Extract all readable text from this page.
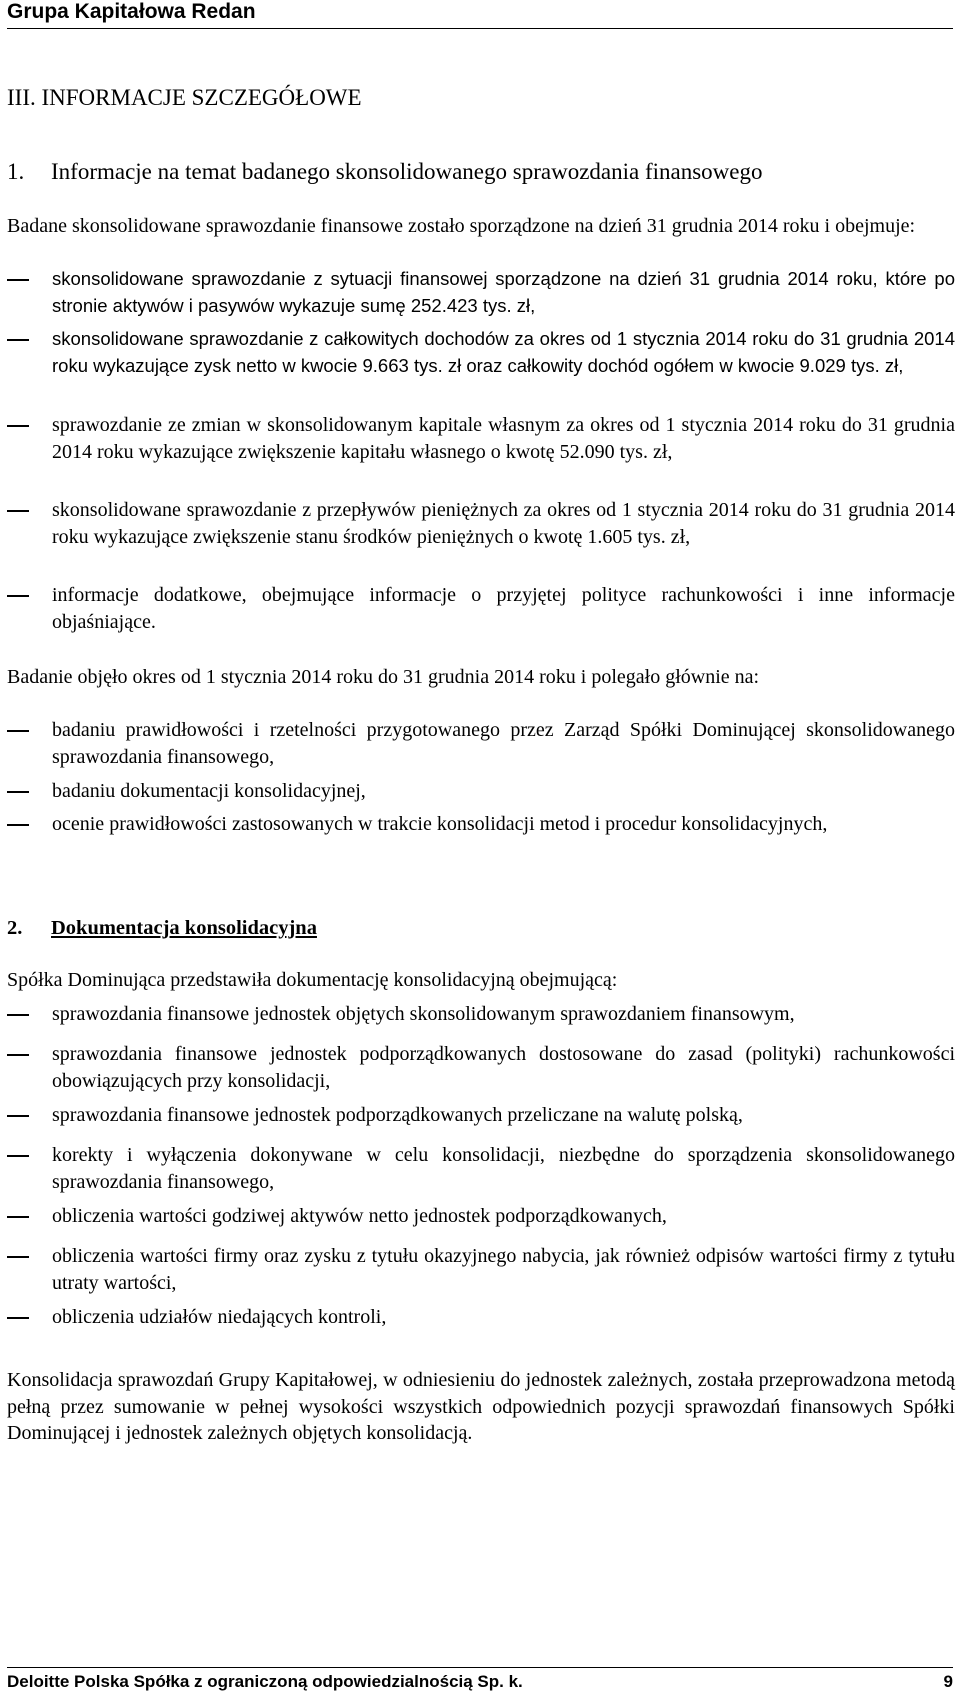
Grupa Kapitałowa Redan
III. INFORMACJE SZCZEGÓŁOWE
1. Informacje na temat badanego skonsolidowanego sprawozdania finansowego

Badane skonsolidowane sprawozdanie finansowe zostało sporządzone na dzień 31 grudnia 2014 roku i obejmuje:

skonsolidowane sprawozdanie z sytuacji finansowej sporządzone na dzień 31 grudnia 2014 roku, które po stronie aktywów i pasywów wykazuje sumę 252.423 tys. zł,
skonsolidowane sprawozdanie z całkowitych dochodów za okres od 1 stycznia 2014 roku do 31 grudnia 2014 roku wykazujące zysk netto w kwocie 9.663 tys. zł oraz całkowity dochód ogółem w kwocie 9.029 tys. zł,
sprawozdanie ze zmian w skonsolidowanym kapitale własnym za okres od 1 stycznia 2014 roku do 31 grudnia 2014 roku wykazujące zwiększenie kapitału własnego o kwotę 52.090 tys. zł,
skonsolidowane sprawozdanie z przepływów pieniężnych za okres od 1 stycznia 2014 roku do 31 grudnia 2014 roku wykazujące zwiększenie stanu środków pieniężnych o kwotę 1.605 tys. zł,
informacje dodatkowe, obejmujące informacje o przyjętej polityce rachunkowości i inne informacje objaśniające.

Badanie objęło okres od 1 stycznia 2014 roku do 31 grudnia 2014 roku i polegało głównie na:

badaniu prawidłowości i rzetelności przygotowanego przez Zarząd Spółki Dominującej skonsolidowanego sprawozdania finansowego,
badaniu dokumentacji konsolidacyjnej,
ocenie prawidłowości zastosowanych w trakcie konsolidacji metod i procedur konsolidacyjnych,
2. Dokumentacja konsolidacyjna

Spółka Dominująca przedstawiła dokumentację konsolidacyjną obejmującą:

sprawozdania finansowe jednostek objętych skonsolidowanym sprawozdaniem finansowym,
sprawozdania finansowe jednostek podporządkowanych dostosowane do zasad (polityki) rachunkowości obowiązujących przy konsolidacji,
sprawozdania finansowe jednostek podporządkowanych przeliczane na walutę polską,
korekty i wyłączenia dokonywane w celu konsolidacji, niezbędne do sporządzenia skonsolidowanego sprawozdania finansowego,
obliczenia wartości godziwej aktywów netto jednostek podporządkowanych,
obliczenia wartości firmy oraz zysku z tytułu okazyjnego nabycia, jak również odpisów wartości firmy z tytułu utraty wartości,
obliczenia udziałów niedających kontroli,

Konsolidacja sprawozdań Grupy Kapitałowej, w odniesieniu do jednostek zależnych, została przeprowadzona metodą pełną przez sumowanie w pełnej wysokości wszystkich odpowiednich pozycji sprawozdań finansowych Spółki Dominującej i jednostek zależnych objętych konsolidacją.

Deloitte Polska Spółka z ograniczoną odpowiedzialnością Sp. k.	9
